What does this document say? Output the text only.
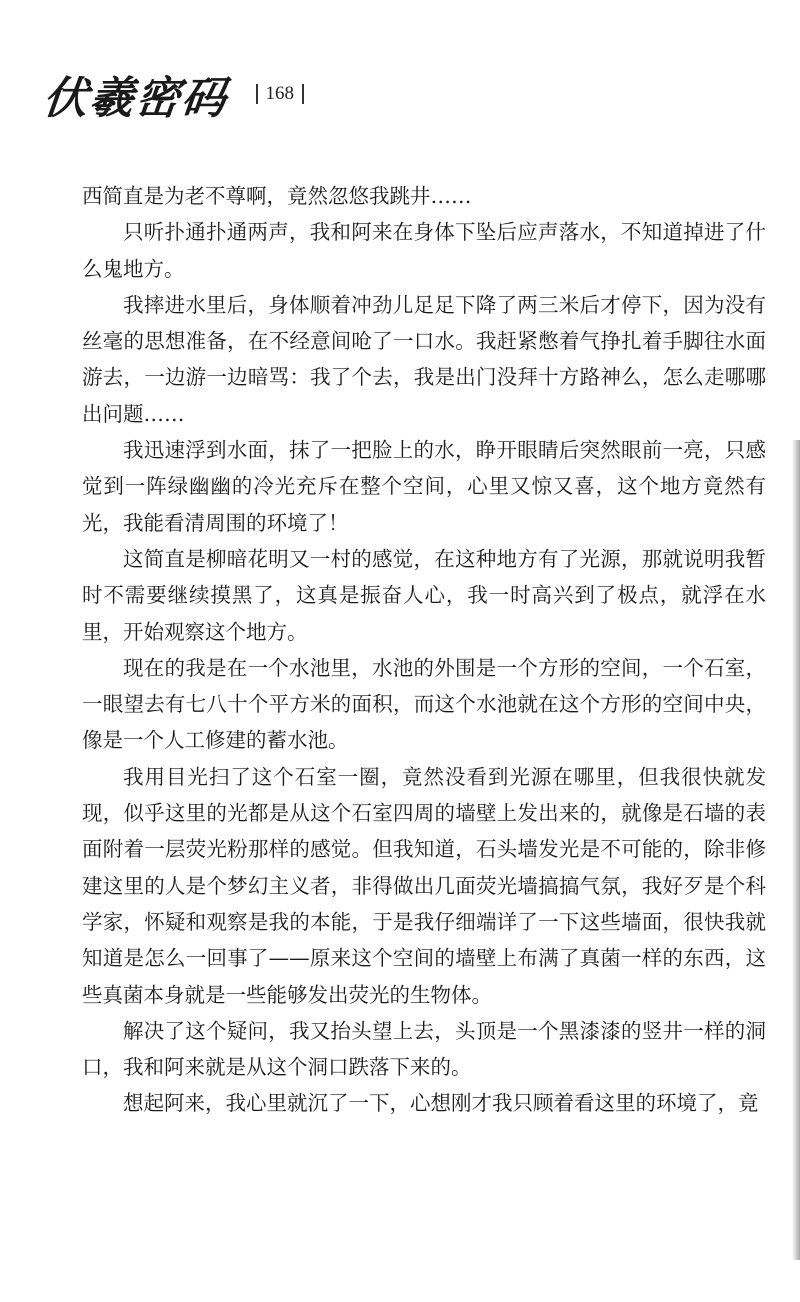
伏羲密码 168

西简直是为老不尊啊，竟然忽悠我跳井……

只听扑通扑通两声，我和阿来在身体下坠后应声落水，不知道掉进了什么鬼地方。

我摔进水里后，身体顺着冲劲儿足足下降了两三米后才停下，因为没有丝毫的思想准备，在不经意间呛了一口水。我赶紧憋着气挣扎着手脚往水面游去，一边游一边暗骂：我了个去，我是出门没拜十方路神么，怎么走哪哪出问题……

我迅速浮到水面，抹了一把脸上的水，睁开眼睛后突然眼前一亮，只感觉到一阵绿幽幽的冷光充斥在整个空间，心里又惊又喜，这个地方竟然有光，我能看清周围的环境了！

这简直是柳暗花明又一村的感觉，在这种地方有了光源，那就说明我暂时不需要继续摸黑了，这真是振奋人心，我一时高兴到了极点，就浮在水里，开始观察这个地方。

现在的我是在一个水池里，水池的外围是一个方形的空间，一个石室，一眼望去有七八十个平方米的面积，而这个水池就在这个方形的空间中央，像是一个人工修建的蓄水池。

我用目光扫了这个石室一圈，竟然没看到光源在哪里，但我很快就发现，似乎这里的光都是从这个石室四周的墙壁上发出来的，就像是石墙的表面附着一层荧光粉那样的感觉。但我知道，石头墙发光是不可能的，除非修建这里的人是个梦幻主义者，非得做出几面荧光墙搞搞气氛，我好歹是个科学家，怀疑和观察是我的本能，于是我仔细端详了一下这些墙面，很快我就知道是怎么一回事了——原来这个空间的墙壁上布满了真菌一样的东西，这些真菌本身就是一些能够发出荧光的生物体。

解决了这个疑问，我又抬头望上去，头顶是一个黑漆漆的竖井一样的洞口，我和阿来就是从这个洞口跌落下来的。

想起阿来，我心里就沉了一下，心想刚才我只顾着看这里的环境了，竟
